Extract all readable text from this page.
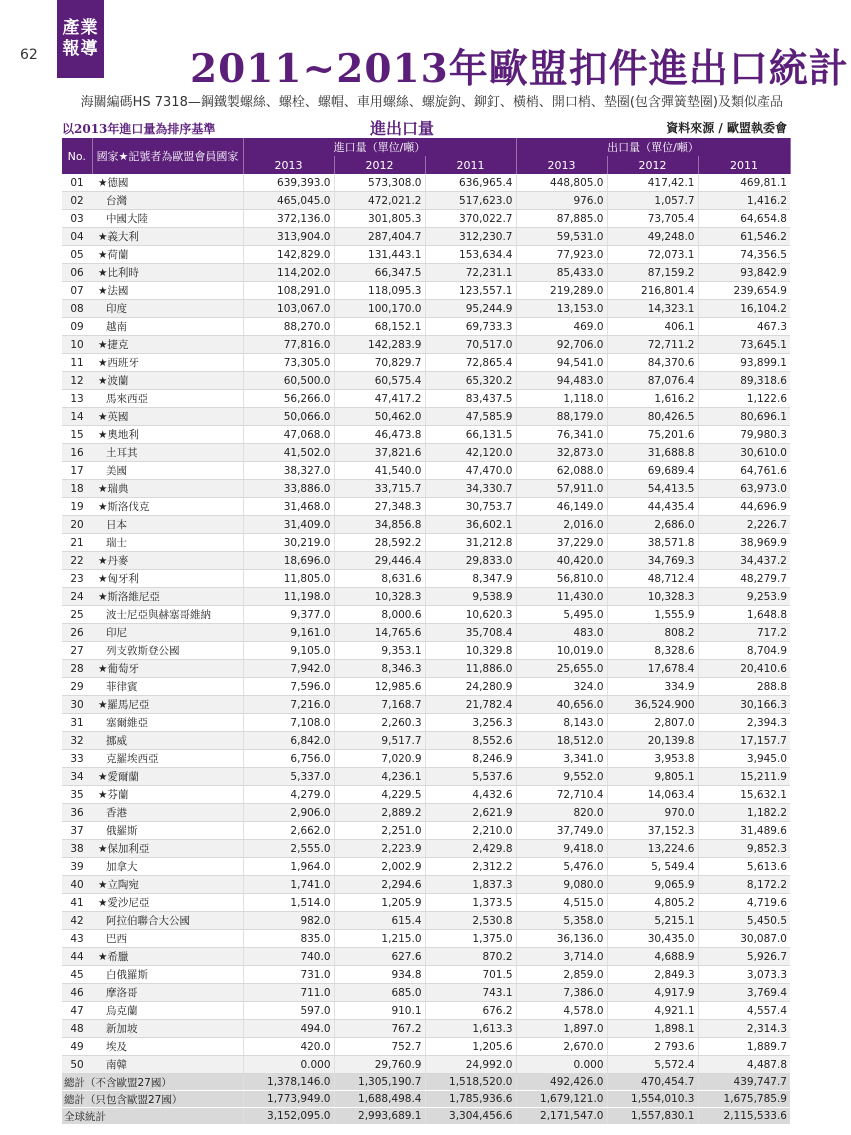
產業
報導
62	2011~2013年歐盟扣件進出口統計
海關編碼HS 7318—鋼鐵製螺絲、螺栓、螺帽、車用螺絲、螺旋鉤、鉚釘、橫梢、開口梢、墊圈(包含彈簧墊圈)及類似產品
以2013年進口量為排序基準	進出口量	資料來源 / 歐盟執委會
No.	國家★記號者為歐盟會員國家	進口量（單位/噸）			出口量（單位/噸）		
		2013	2012	2011	2013	2012	2011
01	★德國	639,393.0	573,308.0	636,965.4	448,805.0	417,42.1	469,81.1
02	台灣	465,045.0	472,021.2	517,623.0	976.0	1,057.7	1,416.2
03	中國大陸	372,136.0	301,805.3	370,022.7	87,885.0	73,705.4	64,654.8
04	★義大利	313,904.0	287,404.7	312,230.7	59,531.0	49,248.0	61,546.2
05	★荷蘭	142,829.0	131,443.1	153,634.4	77,923.0	72,073.1	74,356.5
06	★比利時	114,202.0	66,347.5	72,231.1	85,433.0	87,159.2	93,842.9
07	★法國	108,291.0	118,095.3	123,557.1	219,289.0	216,801.4	239,654.9
08	印度	103,067.0	100,170.0	95,244.9	13,153.0	14,323.1	16,104.2
09	越南	88,270.0	68,152.1	69,733.3	469.0	406.1	467.3
10	★捷克	77,816.0	142,283.9	70,517.0	92,706.0	72,711.2	73,645.1
11	★西班牙	73,305.0	70,829.7	72,865.4	94,541.0	84,370.6	93,899.1
12	★波蘭	60,500.0	60,575.4	65,320.2	94,483.0	87,076.4	89,318.6
13	馬來西亞	56,266.0	47,417.2	83,437.5	1,118.0	1,616.2	1,122.6
14	★英國	50,066.0	50,462.0	47,585.9	88,179.0	80,426.5	80,696.1
15	★奧地利	47,068.0	46,473.8	66,131.5	76,341.0	75,201.6	79,980.3
16	土耳其	41,502.0	37,821.6	42,120.0	32,873.0	31,688.8	30,610.0
17	美國	38,327.0	41,540.0	47,470.0	62,088.0	69,689.4	64,761.6
18	★瑞典	33,886.0	33,715.7	34,330.7	57,911.0	54,413.5	63,973.0
19	★斯洛伐克	31,468.0	27,348.3	30,753.7	46,149.0	44,435.4	44,696.9
20	日本	31,409.0	34,856.8	36,602.1	2,016.0	2,686.0	2,226.7
21	瑞士	30,219.0	28,592.2	31,212.8	37,229.0	38,571.8	38,969.9
22	★丹麥	18,696.0	29,446.4	29,833.0	40,420.0	34,769.3	34,437.2
23	★匈牙利	11,805.0	8,631.6	8,347.9	56,810.0	48,712.4	48,279.7
24	★斯洛維尼亞	11,198.0	10,328.3	9,538.9	11,430.0	10,328.3	9,253.9
25	波士尼亞與赫塞哥維納	9,377.0	8,000.6	10,620.3	5,495.0	1,555.9	1,648.8
26	印尼	9,161.0	14,765.6	35,708.4	483.0	808.2	717.2
27	列支敦斯登公國	9,105.0	9,353.1	10,329.8	10,019.0	8,328.6	8,704.9
28	★葡萄牙	7,942.0	8,346.3	11,886.0	25,655.0	17,678.4	20,410.6
29	菲律賓	7,596.0	12,985.6	24,280.9	324.0	334.9	288.8
30	★羅馬尼亞	7,216.0	7,168.7	21,782.4	40,656.0	36,524.900	30,166.3
31	塞爾維亞	7,108.0	2,260.3	3,256.3	8,143.0	2,807.0	2,394.3
32	挪威	6,842.0	9,517.7	8,552.6	18,512.0	20,139.8	17,157.7
33	克羅埃西亞	6,756.0	7,020.9	8,246.9	3,341.0	3,953.8	3,945.0
34	★愛爾蘭	5,337.0	4,236.1	5,537.6	9,552.0	9,805.1	15,211.9
35	★芬蘭	4,279.0	4,229.5	4,432.6	72,710.4	14,063.4	15,632.1
36	香港	2,906.0	2,889.2	2,621.9	820.0	970.0	1,182.2
37	俄羅斯	2,662.0	2,251.0	2,210.0	37,749.0	37,152.3	31,489.6
38	★保加利亞	2,555.0	2,223.9	2,429.8	9,418.0	13,224.6	9,852.3
39	加拿大	1,964.0	2,002.9	2,312.2	5,476.0	5, 549.4	5,613.6
40	★立陶宛	1,741.0	2,294.6	1,837.3	9,080.0	9,065.9	8,172.2
41	★愛沙尼亞	1,514.0	1,205.9	1,373.5	4,515.0	4,805.2	4,719.6
42	阿拉伯聯合大公國	982.0	615.4	2,530.8	5,358.0	5,215.1	5,450.5
43	巴西	835.0	1,215.0	1,375.0	36,136.0	30,435.0	30,087.0
44	★希臘	740.0	627.6	870.2	3,714.0	4,688.9	5,926.7
45	白俄羅斯	731.0	934.8	701.5	2,859.0	2,849.3	3,073.3
46	摩洛哥	711.0	685.0	743.1	7,386.0	4,917.9	3,769.4
47	烏克蘭	597.0	910.1	676.2	4,578.0	4,921.1	4,557.4
48	新加坡	494.0	767.2	1,613.3	1,897.0	1,898.1	2,314.3
49	埃及	420.0	752.7	1,205.6	2,670.0	2 793.6	1,889.7
50	南韓	0.000	29,760.9	24,992.0	0.000	5,572.4	4,487.8
總計（不含歐盟27國）		1,378,146.0	1,305,190.7	1,518,520.0	492,426.0	470,454.7	439,747.7
總計（只包含歐盟27國）		1,773,949.0	1,688,498.4	1,785,936.6	1,679,121.0	1,554,010.3	1,675,785.9
全球統計		3,152,095.0	2,993,689.1	3,304,456.6	2,171,547.0	1,557,830.1	2,115,533.6
